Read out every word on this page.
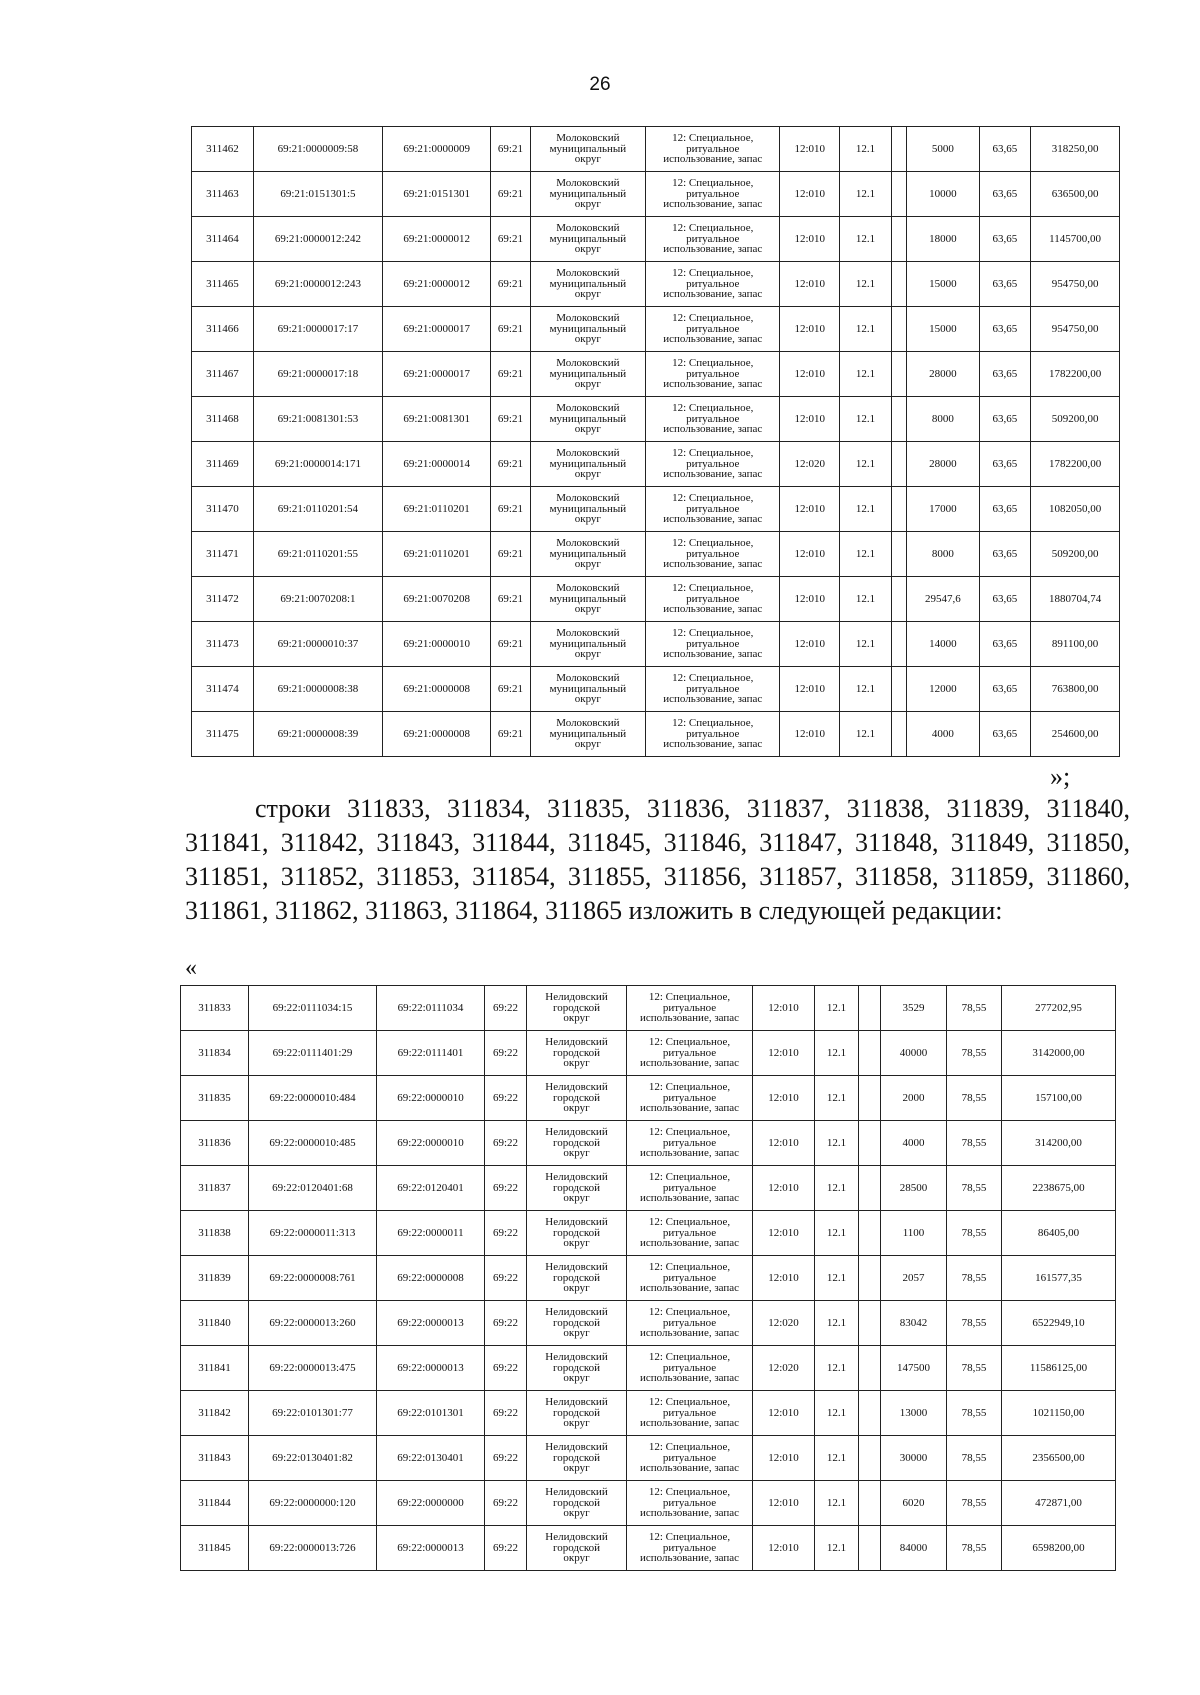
26
311462	69:21:0000009:58	69:21:0000009	69:21	Молоковский
муниципальный
округ	12: Специальное,
ритуальное
использование, запас	12:010	12.1		5000	63,65	318250,00
311463	69:21:0151301:5	69:21:0151301	69:21	Молоковский
муниципальный
округ	12: Специальное,
ритуальное
использование, запас	12:010	12.1		10000	63,65	636500,00
311464	69:21:0000012:242	69:21:0000012	69:21	Молоковский
муниципальный
округ	12: Специальное,
ритуальное
использование, запас	12:010	12.1		18000	63,65	1145700,00
311465	69:21:0000012:243	69:21:0000012	69:21	Молоковский
муниципальный
округ	12: Специальное,
ритуальное
использование, запас	12:010	12.1		15000	63,65	954750,00
311466	69:21:0000017:17	69:21:0000017	69:21	Молоковский
муниципальный
округ	12: Специальное,
ритуальное
использование, запас	12:010	12.1		15000	63,65	954750,00
311467	69:21:0000017:18	69:21:0000017	69:21	Молоковский
муниципальный
округ	12: Специальное,
ритуальное
использование, запас	12:010	12.1		28000	63,65	1782200,00
311468	69:21:0081301:53	69:21:0081301	69:21	Молоковский
муниципальный
округ	12: Специальное,
ритуальное
использование, запас	12:010	12.1		8000	63,65	509200,00
311469	69:21:0000014:171	69:21:0000014	69:21	Молоковский
муниципальный
округ	12: Специальное,
ритуальное
использование, запас	12:020	12.1		28000	63,65	1782200,00
311470	69:21:0110201:54	69:21:0110201	69:21	Молоковский
муниципальный
округ	12: Специальное,
ритуальное
использование, запас	12:010	12.1		17000	63,65	1082050,00
311471	69:21:0110201:55	69:21:0110201	69:21	Молоковский
муниципальный
округ	12: Специальное,
ритуальное
использование, запас	12:010	12.1		8000	63,65	509200,00
311472	69:21:0070208:1	69:21:0070208	69:21	Молоковский
муниципальный
округ	12: Специальное,
ритуальное
использование, запас	12:010	12.1		29547,6	63,65	1880704,74
311473	69:21:0000010:37	69:21:0000010	69:21	Молоковский
муниципальный
округ	12: Специальное,
ритуальное
использование, запас	12:010	12.1		14000	63,65	891100,00
311474	69:21:0000008:38	69:21:0000008	69:21	Молоковский
муниципальный
округ	12: Специальное,
ритуальное
использование, запас	12:010	12.1		12000	63,65	763800,00
311475	69:21:0000008:39	69:21:0000008	69:21	Молоковский
муниципальный
округ	12: Специальное,
ритуальное
использование, запас	12:010	12.1		4000	63,65	254600,00
»;
строки 311833, 311834, 311835, 311836, 311837, 311838, 311839, 311840, 311841, 311842, 311843, 311844, 311845, 311846, 311847, 311848, 311849, 311850, 311851, 311852, 311853, 311854, 311855, 311856, 311857, 311858, 311859, 311860, 311861, 311862, 311863, 311864, 311865 изложить в следующей редакции:
«
311833	69:22:0111034:15	69:22:0111034	69:22	Нелидовский
городской
округ	12: Специальное,
ритуальное
использование, запас	12:010	12.1		3529	78,55	277202,95
311834	69:22:0111401:29	69:22:0111401	69:22	Нелидовский
городской
округ	12: Специальное,
ритуальное
использование, запас	12:010	12.1		40000	78,55	3142000,00
311835	69:22:0000010:484	69:22:0000010	69:22	Нелидовский
городской
округ	12: Специальное,
ритуальное
использование, запас	12:010	12.1		2000	78,55	157100,00
311836	69:22:0000010:485	69:22:0000010	69:22	Нелидовский
городской
округ	12: Специальное,
ритуальное
использование, запас	12:010	12.1		4000	78,55	314200,00
311837	69:22:0120401:68	69:22:0120401	69:22	Нелидовский
городской
округ	12: Специальное,
ритуальное
использование, запас	12:010	12.1		28500	78,55	2238675,00
311838	69:22:0000011:313	69:22:0000011	69:22	Нелидовский
городской
округ	12: Специальное,
ритуальное
использование, запас	12:010	12.1		1100	78,55	86405,00
311839	69:22:0000008:761	69:22:0000008	69:22	Нелидовский
городской
округ	12: Специальное,
ритуальное
использование, запас	12:010	12.1		2057	78,55	161577,35
311840	69:22:0000013:260	69:22:0000013	69:22	Нелидовский
городской
округ	12: Специальное,
ритуальное
использование, запас	12:020	12.1		83042	78,55	6522949,10
311841	69:22:0000013:475	69:22:0000013	69:22	Нелидовский
городской
округ	12: Специальное,
ритуальное
использование, запас	12:020	12.1		147500	78,55	11586125,00
311842	69:22:0101301:77	69:22:0101301	69:22	Нелидовский
городской
округ	12: Специальное,
ритуальное
использование, запас	12:010	12.1		13000	78,55	1021150,00
311843	69:22:0130401:82	69:22:0130401	69:22	Нелидовский
городской
округ	12: Специальное,
ритуальное
использование, запас	12:010	12.1		30000	78,55	2356500,00
311844	69:22:0000000:120	69:22:0000000	69:22	Нелидовский
городской
округ	12: Специальное,
ритуальное
использование, запас	12:010	12.1		6020	78,55	472871,00
311845	69:22:0000013:726	69:22:0000013	69:22	Нелидовский
городской
округ	12: Специальное,
ритуальное
использование, запас	12:010	12.1		84000	78,55	6598200,00
